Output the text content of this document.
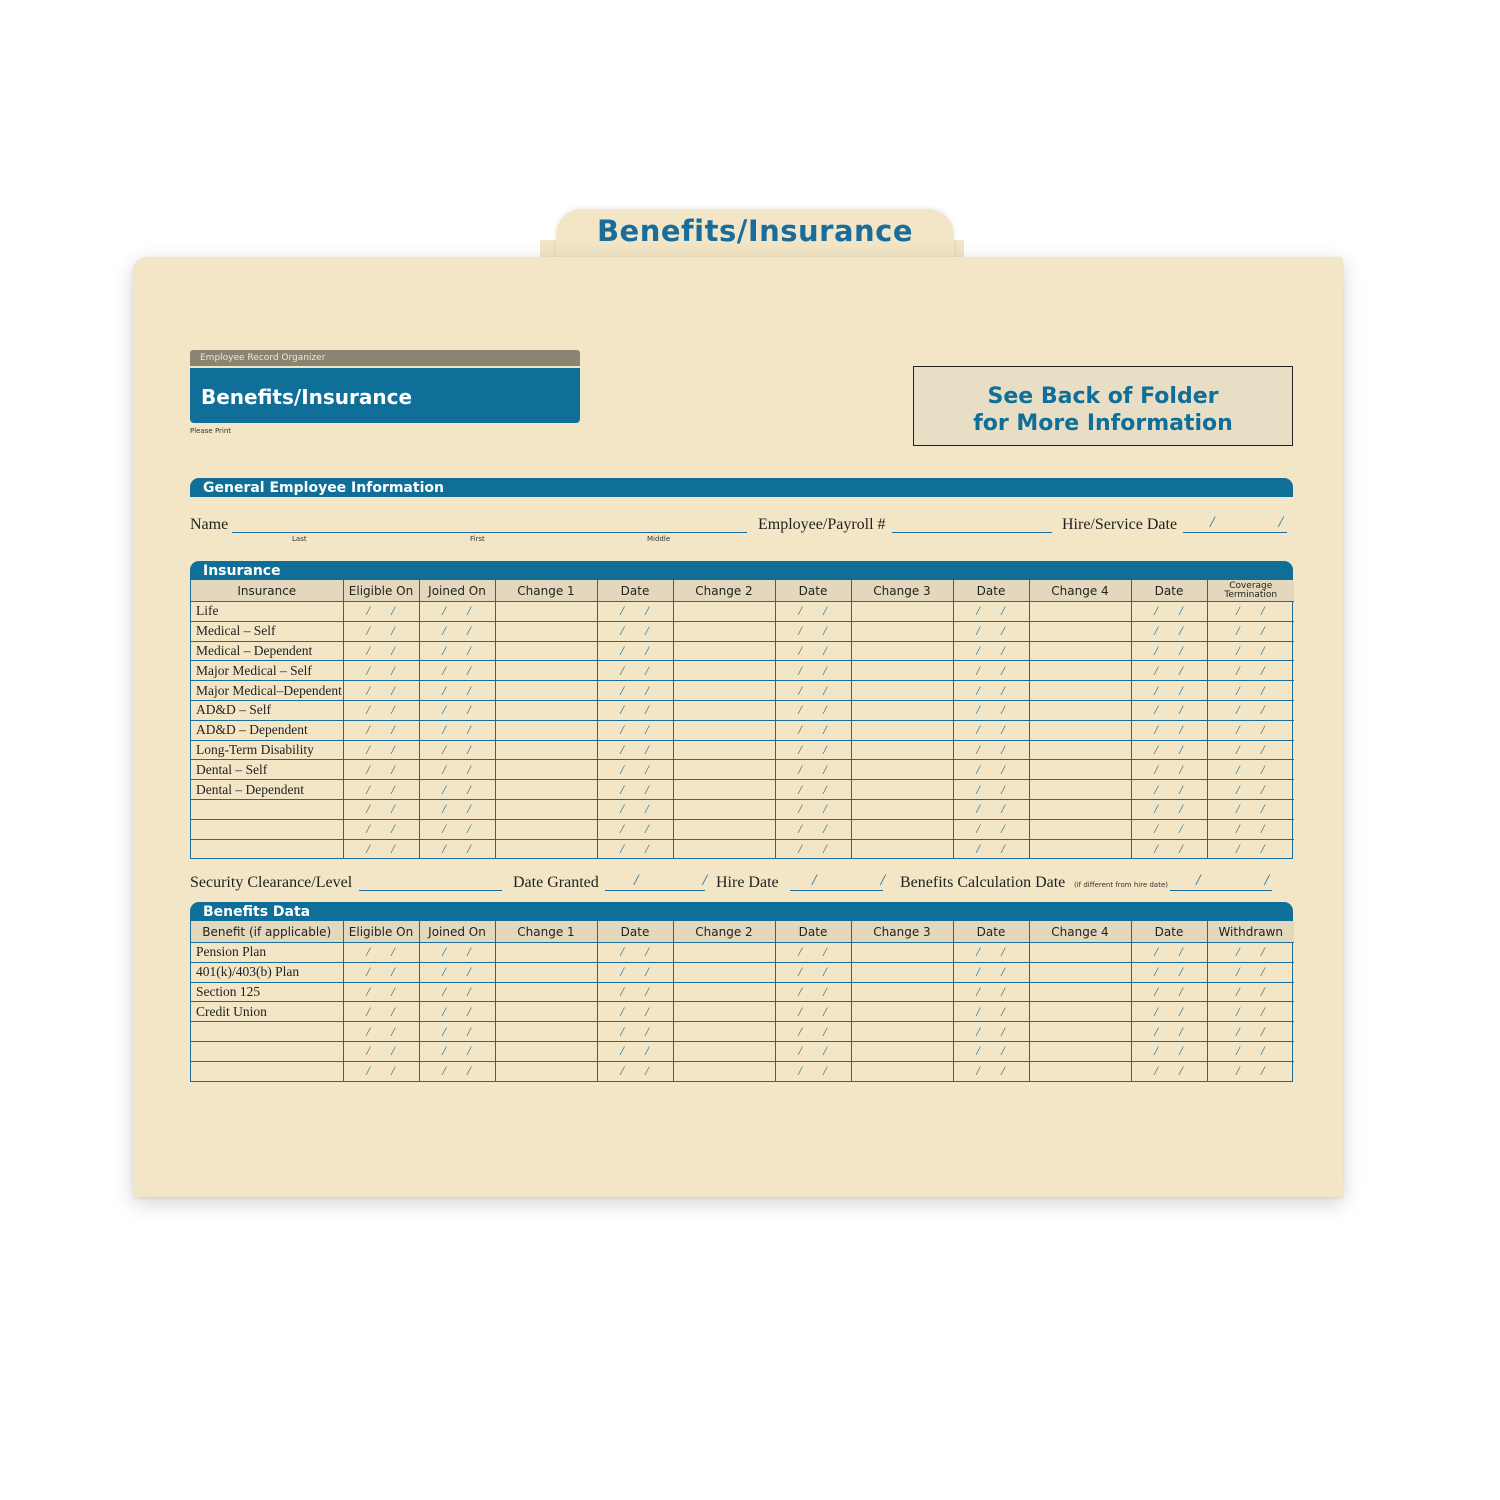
Benefits/Insurance
Employee Record Organizer
Benefits/Insurance
Please Print
See Back of Folder
for More Information
General Employee Information
Name
Last	First	Middle
Employee/Payroll #	Hire/Service Date / /
Insurance
Insurance	Eligible On	Joined On	Change 1	Date	Change 2	Date	Change 3	Date	Change 4	Date	Coverage Termination
Life	/ /	/ /		/ /		/ /		/ /		/ /	/ /
Medical – Self	/ /	/ /		/ /		/ /		/ /		/ /	/ /
Medical – Dependent	/ /	/ /		/ /		/ /		/ /		/ /	/ /
Major Medical – Self	/ /	/ /		/ /		/ /		/ /		/ /	/ /
Major Medical–Dependent	/ /	/ /		/ /		/ /		/ /		/ /	/ /
AD&D – Self	/ /	/ /		/ /		/ /		/ /		/ /	/ /
AD&D – Dependent	/ /	/ /		/ /		/ /		/ /		/ /	/ /
Long-Term Disability	/ /	/ /		/ /		/ /		/ /		/ /	/ /
Dental – Self	/ /	/ /		/ /		/ /		/ /		/ /	/ /
Dental – Dependent	/ /	/ /		/ /		/ /		/ /		/ /	/ /
	/ /	/ /		/ /		/ /		/ /		/ /	/ /
	/ /	/ /		/ /		/ /		/ /		/ /	/ /
	/ /	/ /		/ /		/ /		/ /		/ /	/ /
Security Clearance/Level	Date Granted / /
Hire Date / /
Benefits Calculation Date (if different from hire date) / /
Benefits Data
Benefit (if applicable)	Eligible On	Joined On	Change 1	Date	Change 2	Date	Change 3	Date	Change 4	Date	Withdrawn
Pension Plan	/ /	/ /		/ /		/ /		/ /		/ /	/ /
401(k)/403(b) Plan	/ /	/ /		/ /		/ /		/ /		/ /	/ /
Section 125	/ /	/ /		/ /		/ /		/ /		/ /	/ /
Credit Union	/ /	/ /		/ /		/ /		/ /		/ /	/ /
	/ /	/ /		/ /		/ /		/ /		/ /	/ /
	/ /	/ /		/ /		/ /		/ /		/ /	/ /
	/ /	/ /		/ /		/ /		/ /		/ /	/ /
